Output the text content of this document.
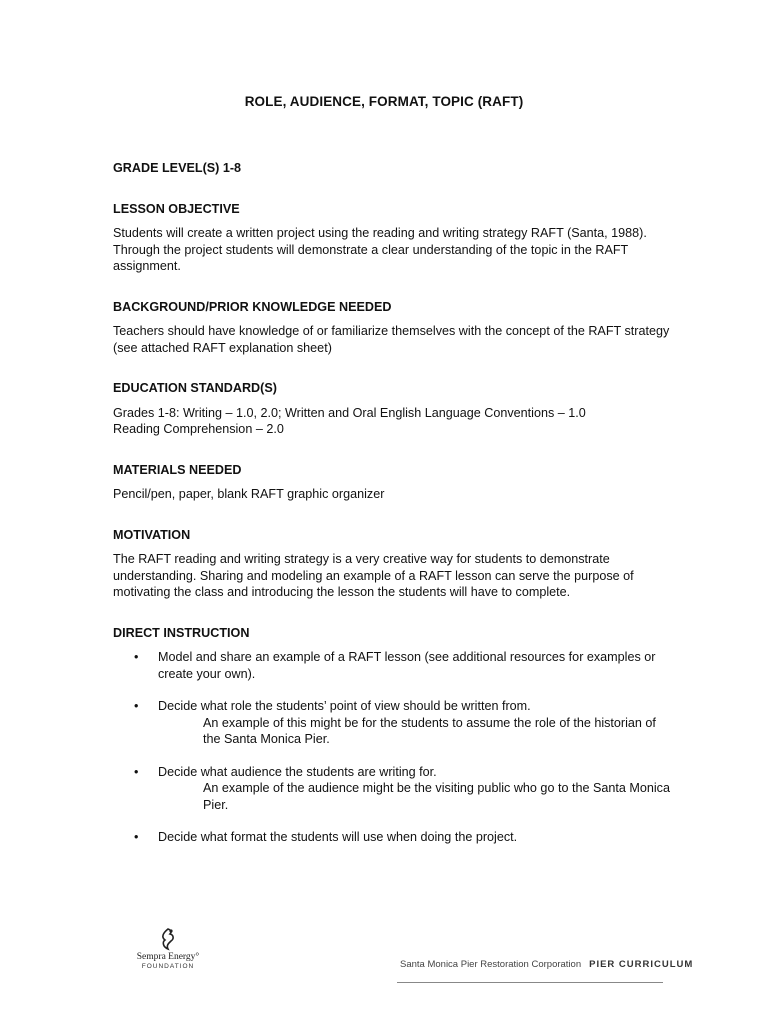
ROLE, AUDIENCE, FORMAT, TOPIC (RAFT)

GRADE LEVEL(S) 1-8

LESSON OBJECTIVE

Students will create a written project using the reading and writing strategy RAFT (Santa, 1988). Through the project students will demonstrate a clear understanding of the topic in the RAFT assignment.

BACKGROUND/PRIOR KNOWLEDGE NEEDED

Teachers should have knowledge of or familiarize themselves with the concept of the RAFT strategy (see attached RAFT explanation sheet)

EDUCATION STANDARD(S)

Grades 1-8: Writing – 1.0, 2.0; Written and Oral English Language Conventions – 1.0

Reading Comprehension – 2.0

MATERIALS NEEDED

Pencil/pen, paper, blank RAFT graphic organizer

MOTIVATION

The RAFT reading and writing strategy is a very creative way for students to demonstrate understanding. Sharing and modeling an example of a RAFT lesson can serve the purpose of motivating the class and introducing the lesson the students will have to complete.

DIRECT INSTRUCTION

• Model and share an example of a RAFT lesson (see additional resources for examples or create your own).
• Decide what role the students’ point of view should be written from.
An example of this might be for the students to assume the role of the historian of the Santa Monica Pier.
• Decide what audience the students are writing for.
An example of the audience might be the visiting public who go to the Santa Monica Pier.
• Decide what format the students will use when doing the project.
Sempra Energy°
FOUNDATION	Santa Monica Pier Restoration Corporation PIER CURRICULUM
